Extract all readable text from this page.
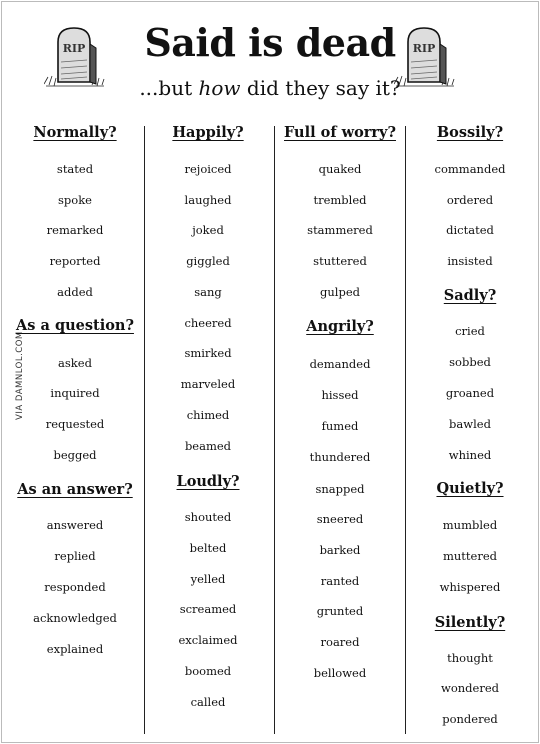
RIP	RIP
Said is dead
...but how did they say it?
VIA DAMNLOL.COM
Normally?
stated
spoke
remarked
reported
added
As a question?
asked
inquired
requested
begged
As an answer?
answered
replied
responded
acknowledged
explained
Happily?
rejoiced
laughed
joked
giggled
sang
cheered
smirked
marveled
chimed
beamed
Loudly?
shouted
belted
yelled
screamed
exclaimed
boomed
called
Full of worry?
quaked
trembled
stammered
stuttered
gulped
Angrily?
demanded
hissed
fumed
thundered
snapped
sneered
barked
ranted
grunted
roared
bellowed
Bossily?
commanded
ordered
dictated
insisted
Sadly?
cried
sobbed
groaned
bawled
whined
Quietly?
mumbled
muttered
whispered
Silently?
thought
wondered
pondered
